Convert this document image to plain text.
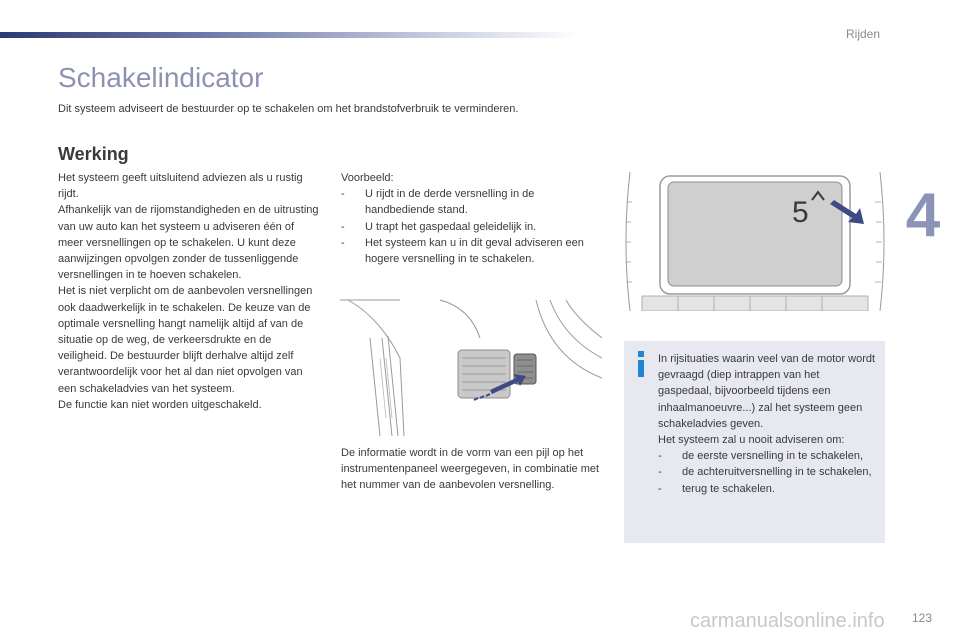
Rijden
4
Schakelindicator

Dit systeem adviseert de bestuurder op te schakelen om het brandstofverbruik te verminderen.

Werking
Het systeem geeft uitsluitend adviezen als u rustig rijdt.
Afhankelijk van de rijomstandigheden en de uitrusting van uw auto kan het systeem u adviseren één of meer versnellingen op te schakelen. U kunt deze aanwijzingen opvolgen zonder de tussenliggende versnellingen in te hoeven schakelen.
Het is niet verplicht om de aanbevolen versnellingen ook daadwerkelijk in te schakelen. De keuze van de optimale versnelling hangt namelijk altijd af van de situatie op de weg, de verkeersdrukte en de veiligheid. De bestuurder blijft derhalve altijd zelf verantwoordelijk voor het al dan niet opvolgen van een schakeladvies van het systeem.
De functie kan niet worden uitgeschakeld.

Voorbeeld:

- U rijdt in de derde versnelling in de handbediende stand.
- U trapt het gaspedaal geleidelijk in.
- Het systeem kan u in dit geval adviseren een hogere versnelling in te schakelen.
De informatie wordt in de vorm van een pijl op het instrumentenpaneel weergegeven, in combinatie met het nummer van de aanbevolen versnelling.
5

In rijsituaties waarin veel van de motor wordt gevraagd (diep intrappen van het gaspedaal, bijvoorbeeld tijdens een inhaalmanoeuvre...) zal het systeem geen schakeladvies geven.

Het systeem zal u nooit adviseren om:

- de eerste versnelling in te schakelen,
- de achteruitversnelling in te schakelen,
- terug te schakelen.
carmanualsonline.info 123
